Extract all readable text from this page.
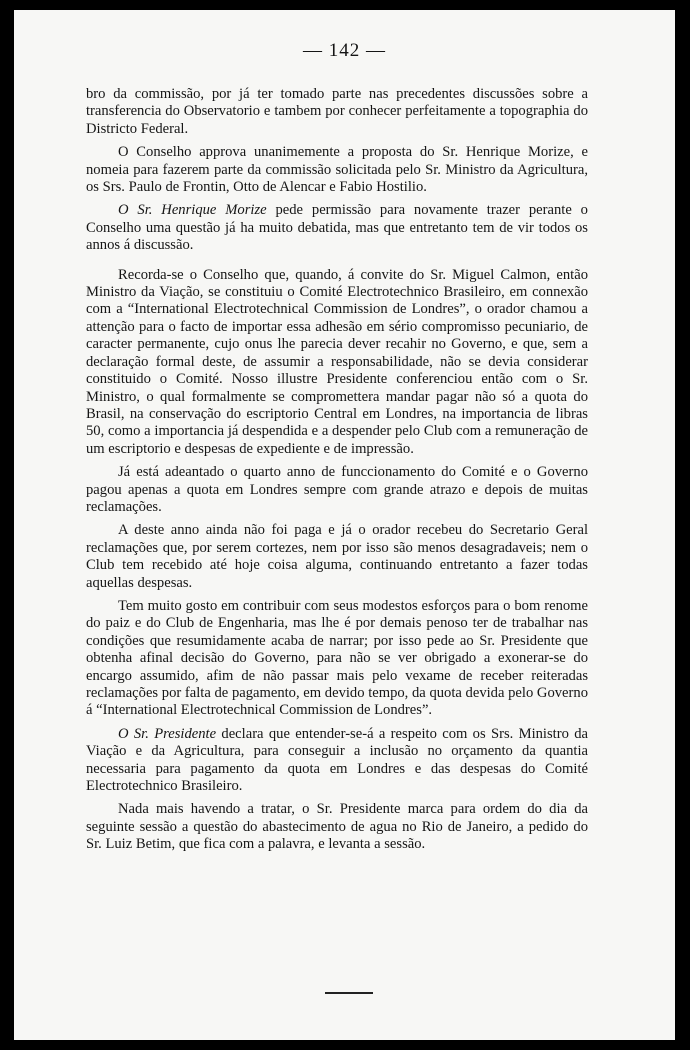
— 142 —

bro da commissão, por já ter tomado parte nas precedentes discussões sobre a transferencia do Observatorio e tambem por conhecer perfeitamente a topographia do Districto Federal.

O Conselho approva unanimemente a proposta do Sr. Henrique Morize, e nomeia para fazerem parte da commissão solicitada pelo Sr. Ministro da Agricultura, os Srs. Paulo de Frontin, Otto de Alencar e Fabio Hostilio.

O Sr. Henrique Morize pede permissão para novamente trazer perante o Conselho uma questão já ha muito debatida, mas que entretanto tem de vir todos os annos á discussão.

Recorda-se o Conselho que, quando, á convite do Sr. Miguel Calmon, então Ministro da Viação, se constituiu o Comité Electrotechnico Brasileiro, em connexão com a “International Electrotechnical Commission de Londres”, o orador chamou a attenção para o facto de importar essa adhesão em sério compromisso pecuniario, de caracter permanente, cujo onus lhe parecia dever recahir no Governo, e que, sem a declaração formal deste, de assumir a responsabilidade, não se devia considerar constituido o Comité. Nosso illustre Presidente conferenciou então com o Sr. Ministro, o qual formalmente se compromettera mandar pagar não só a quota do Brasil, na conservação do escriptorio Central em Londres, na importancia de libras 50, como a importancia já despendida e a despender pelo Club com a remuneração de um escriptorio e despesas de expediente e de impressão.

Já está adeantado o quarto anno de funccionamento do Comité e o Governo pagou apenas a quota em Londres sempre com grande atrazo e depois de muitas reclamações.

A deste anno ainda não foi paga e já o orador recebeu do Secretario Geral reclamações que, por serem cortezes, nem por isso são menos desagradaveis; nem o Club tem recebido até hoje coisa alguma, continuando entretanto a fazer todas aquellas despesas.

Tem muito gosto em contribuir com seus modestos esforços para o bom renome do paiz e do Club de Engenharia, mas lhe é por demais penoso ter de trabalhar nas condições que resumidamente acaba de narrar; por isso pede ao Sr. Presidente que obtenha afinal decisão do Governo, para não se ver obrigado a exonerar-se do encargo assumido, afim de não passar mais pelo vexame de receber reiteradas reclamações por falta de pagamento, em devido tempo, da quota devida pelo Governo á “International Electrotechnical Commission de Londres”.

O Sr. Presidente declara que entender-se-á a respeito com os Srs. Ministro da Viação e da Agricultura, para conseguir a inclusão no orçamento da quantia necessaria para pagamento da quota em Londres e das despesas do Comité Electrotechnico Brasileiro.

Nada mais havendo a tratar, o Sr. Presidente marca para ordem do dia da seguinte sessão a questão do abastecimento de agua no Rio de Janeiro, a pedido do Sr. Luiz Betim, que fica com a palavra, e levanta a sessão.
